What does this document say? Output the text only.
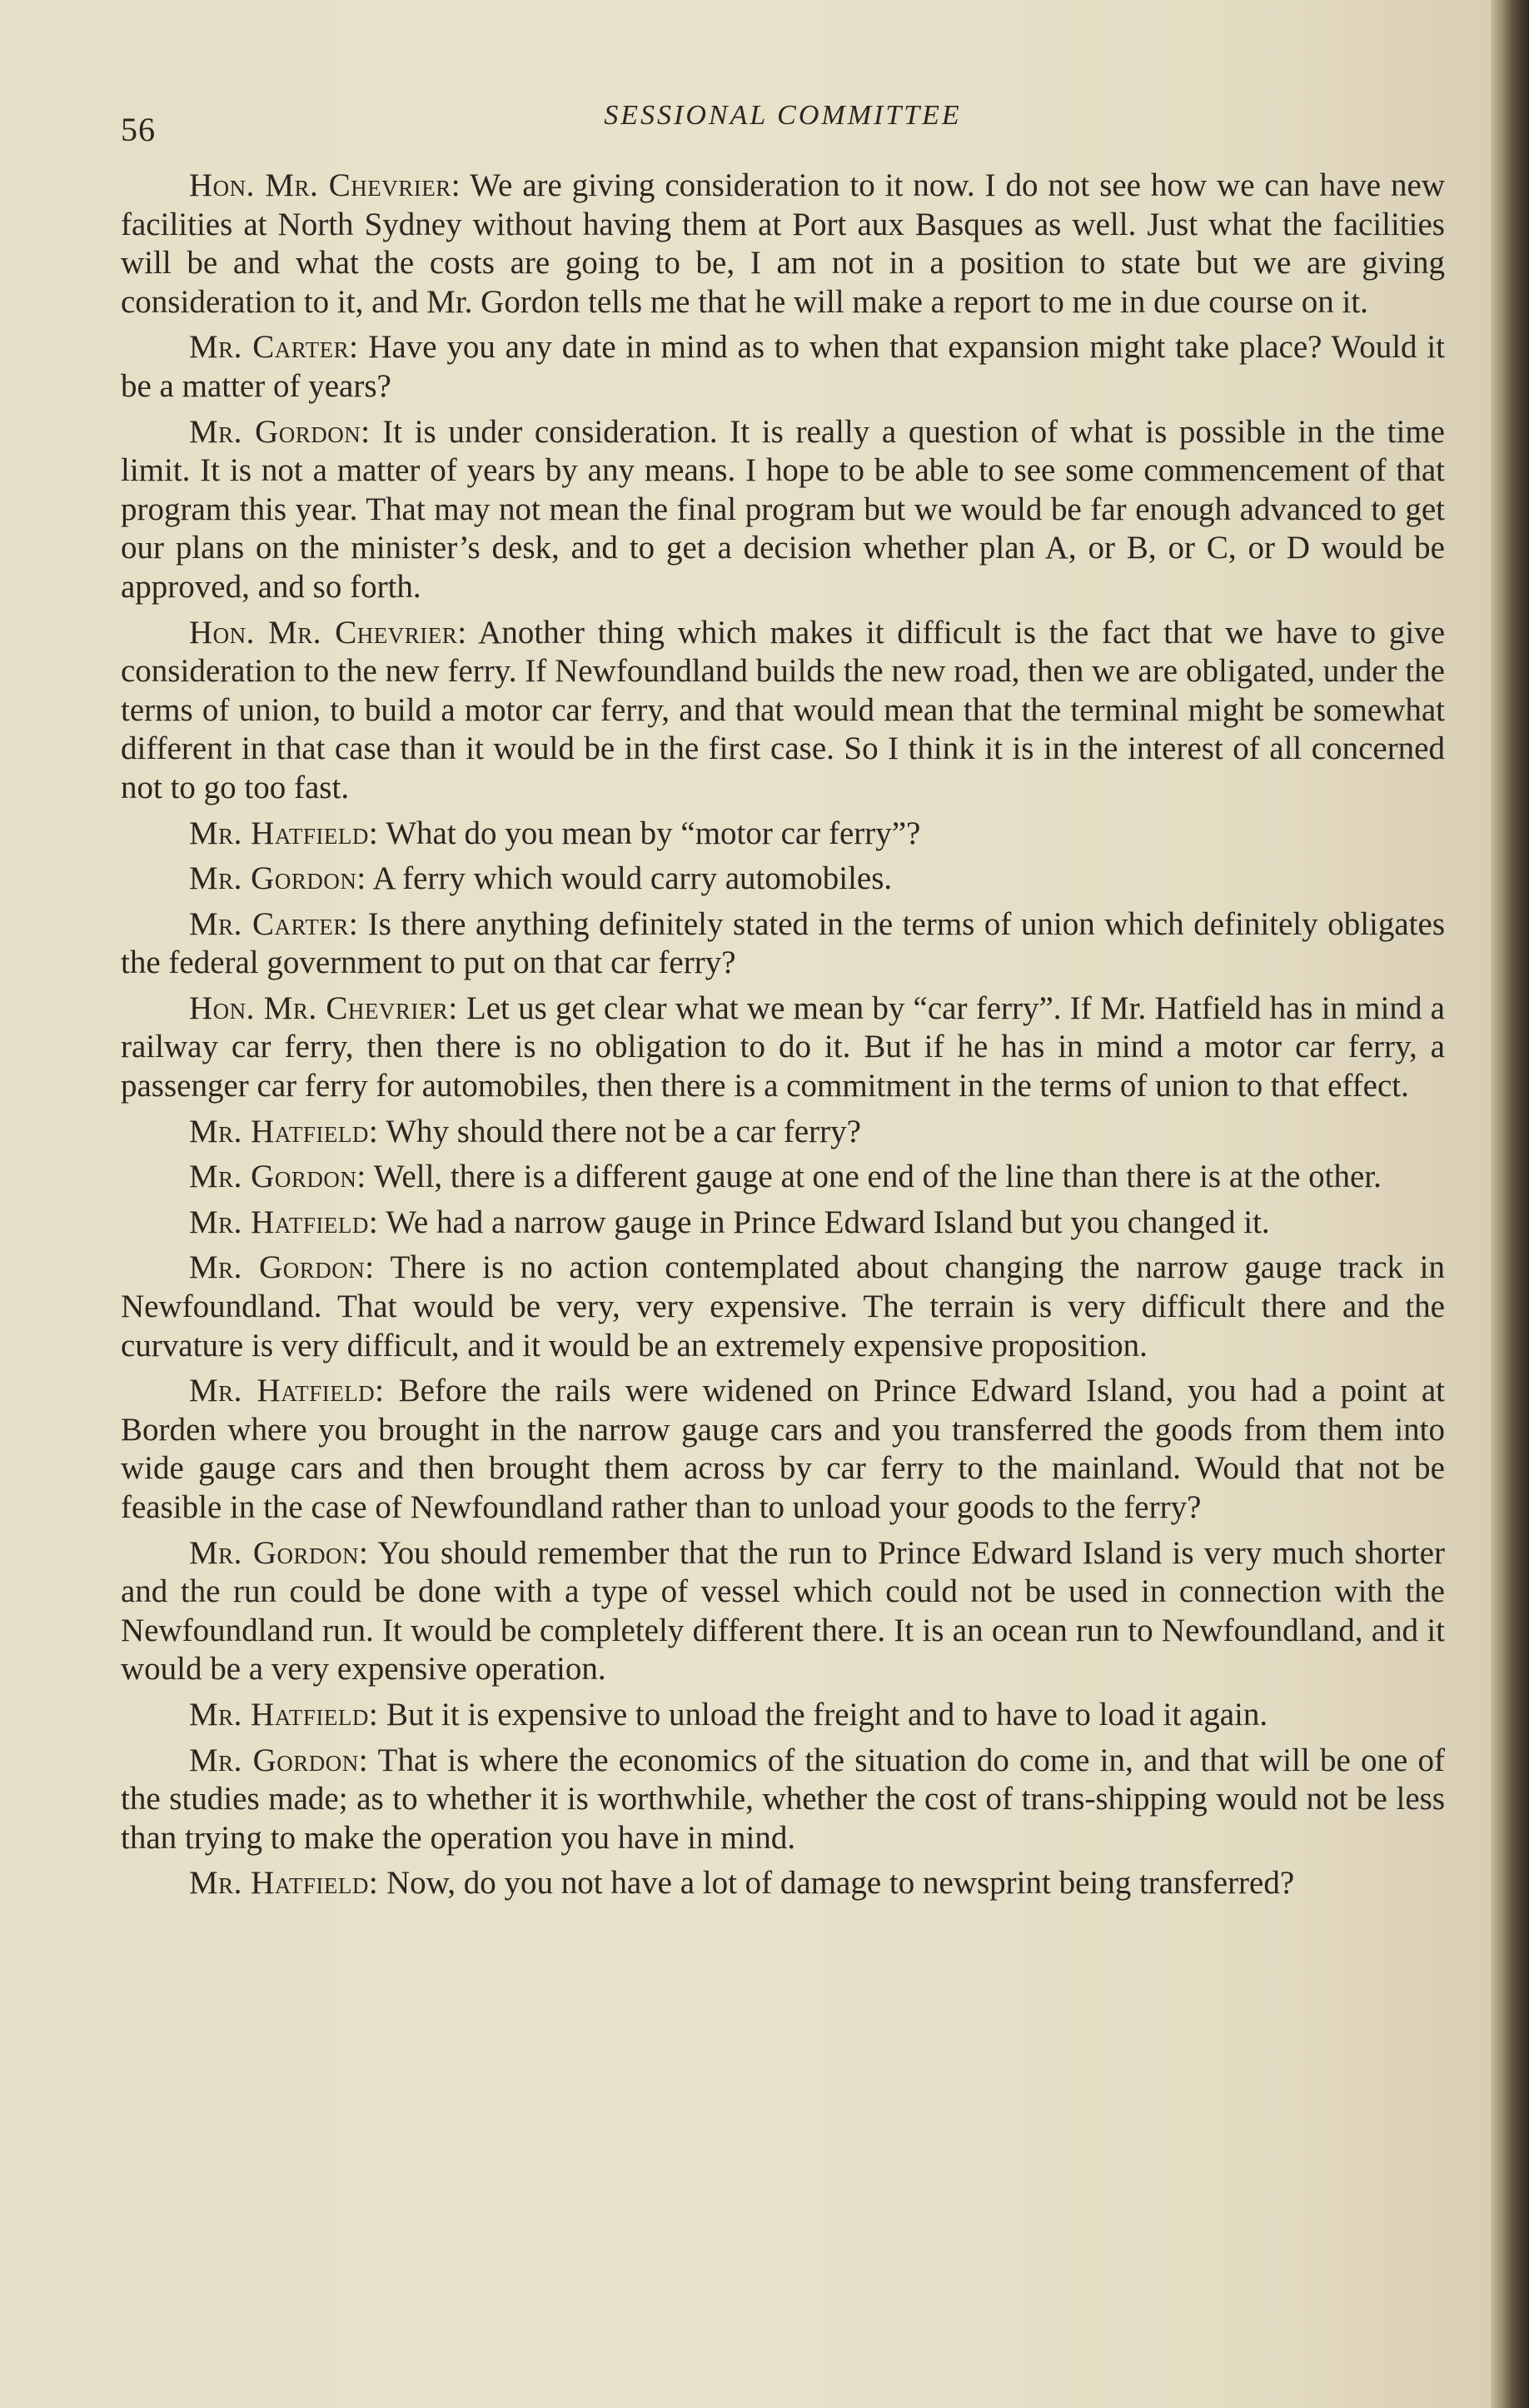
56	SESSIONAL COMMITTEE

Hon. Mr. Chevrier: We are giving consideration to it now. I do not see how we can have new facilities at North Sydney without having them at Port aux Basques as well. Just what the facilities will be and what the costs are going to be, I am not in a position to state but we are giving consideration to it, and Mr. Gordon tells me that he will make a report to me in due course on it.

Mr. Carter: Have you any date in mind as to when that expansion might take place? Would it be a matter of years?

Mr. Gordon: It is under consideration. It is really a question of what is possible in the time limit. It is not a matter of years by any means. I hope to be able to see some commencement of that program this year. That may not mean the final program but we would be far enough advanced to get our plans on the minister’s desk, and to get a decision whether plan A, or B, or C, or D would be approved, and so forth.

Hon. Mr. Chevrier: Another thing which makes it difficult is the fact that we have to give consideration to the new ferry. If Newfoundland builds the new road, then we are obligated, under the terms of union, to build a motor car ferry, and that would mean that the terminal might be somewhat different in that case than it would be in the first case. So I think it is in the interest of all concerned not to go too fast.

Mr. Hatfield: What do you mean by “motor car ferry”?

Mr. Gordon: A ferry which would carry automobiles.

Mr. Carter: Is there anything definitely stated in the terms of union which definitely obligates the federal government to put on that car ferry?

Hon. Mr. Chevrier: Let us get clear what we mean by “car ferry”. If Mr. Hatfield has in mind a railway car ferry, then there is no obligation to do it. But if he has in mind a motor car ferry, a passenger car ferry for automobiles, then there is a commitment in the terms of union to that effect.

Mr. Hatfield: Why should there not be a car ferry?

Mr. Gordon: Well, there is a different gauge at one end of the line than there is at the other.

Mr. Hatfield: We had a narrow gauge in Prince Edward Island but you changed it.

Mr. Gordon: There is no action contemplated about changing the narrow gauge track in Newfoundland. That would be very, very expensive. The terrain is very difficult there and the curvature is very difficult, and it would be an extremely expensive proposition.

Mr. Hatfield: Before the rails were widened on Prince Edward Island, you had a point at Borden where you brought in the narrow gauge cars and you transferred the goods from them into wide gauge cars and then brought them across by car ferry to the mainland. Would that not be feasible in the case of Newfoundland rather than to unload your goods to the ferry?

Mr. Gordon: You should remember that the run to Prince Edward Island is very much shorter and the run could be done with a type of vessel which could not be used in connection with the Newfoundland run. It would be completely different there. It is an ocean run to Newfoundland, and it would be a very expensive operation.

Mr. Hatfield: But it is expensive to unload the freight and to have to load it again.

Mr. Gordon: That is where the economics of the situation do come in, and that will be one of the studies made; as to whether it is worthwhile, whether the cost of trans-shipping would not be less than trying to make the operation you have in mind.

Mr. Hatfield: Now, do you not have a lot of damage to newsprint being transferred?
